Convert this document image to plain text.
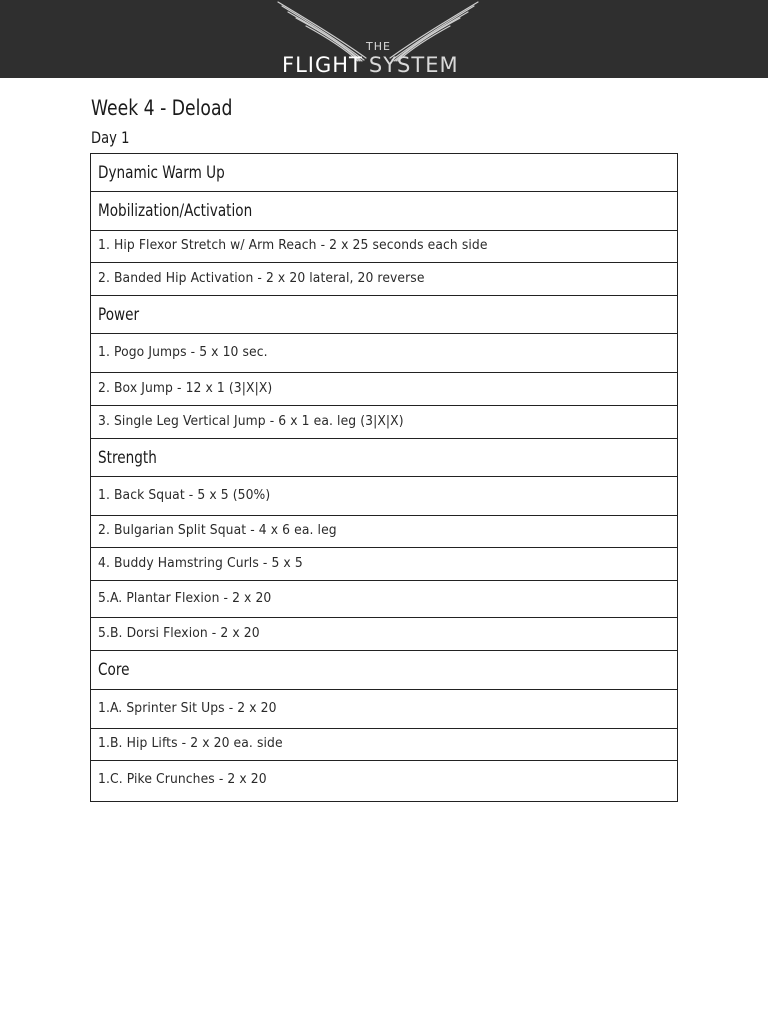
THE
FLIGHT SYSTEM
Week 4 - Deload
Day 1
Dynamic Warm Up
Mobilization/Activation
1. Hip Flexor Stretch w/ Arm Reach - 2 x 25 seconds each side
2. Banded Hip Activation - 2 x 20 lateral, 20 reverse
Power
1. Pogo Jumps - 5 x 10 sec.
2. Box Jump - 12 x 1 (3|X|X)
3. Single Leg Vertical Jump - 6 x 1 ea. leg (3|X|X)
Strength
1. Back Squat - 5 x 5 (50%)
2. Bulgarian Split Squat - 4 x 6 ea. leg
4. Buddy Hamstring Curls - 5 x 5
5.A. Plantar Flexion - 2 x 20
5.B. Dorsi Flexion - 2 x 20
Core
1.A. Sprinter Sit Ups - 2 x 20
1.B. Hip Lifts - 2 x 20 ea. side
1.C. Pike Crunches - 2 x 20
